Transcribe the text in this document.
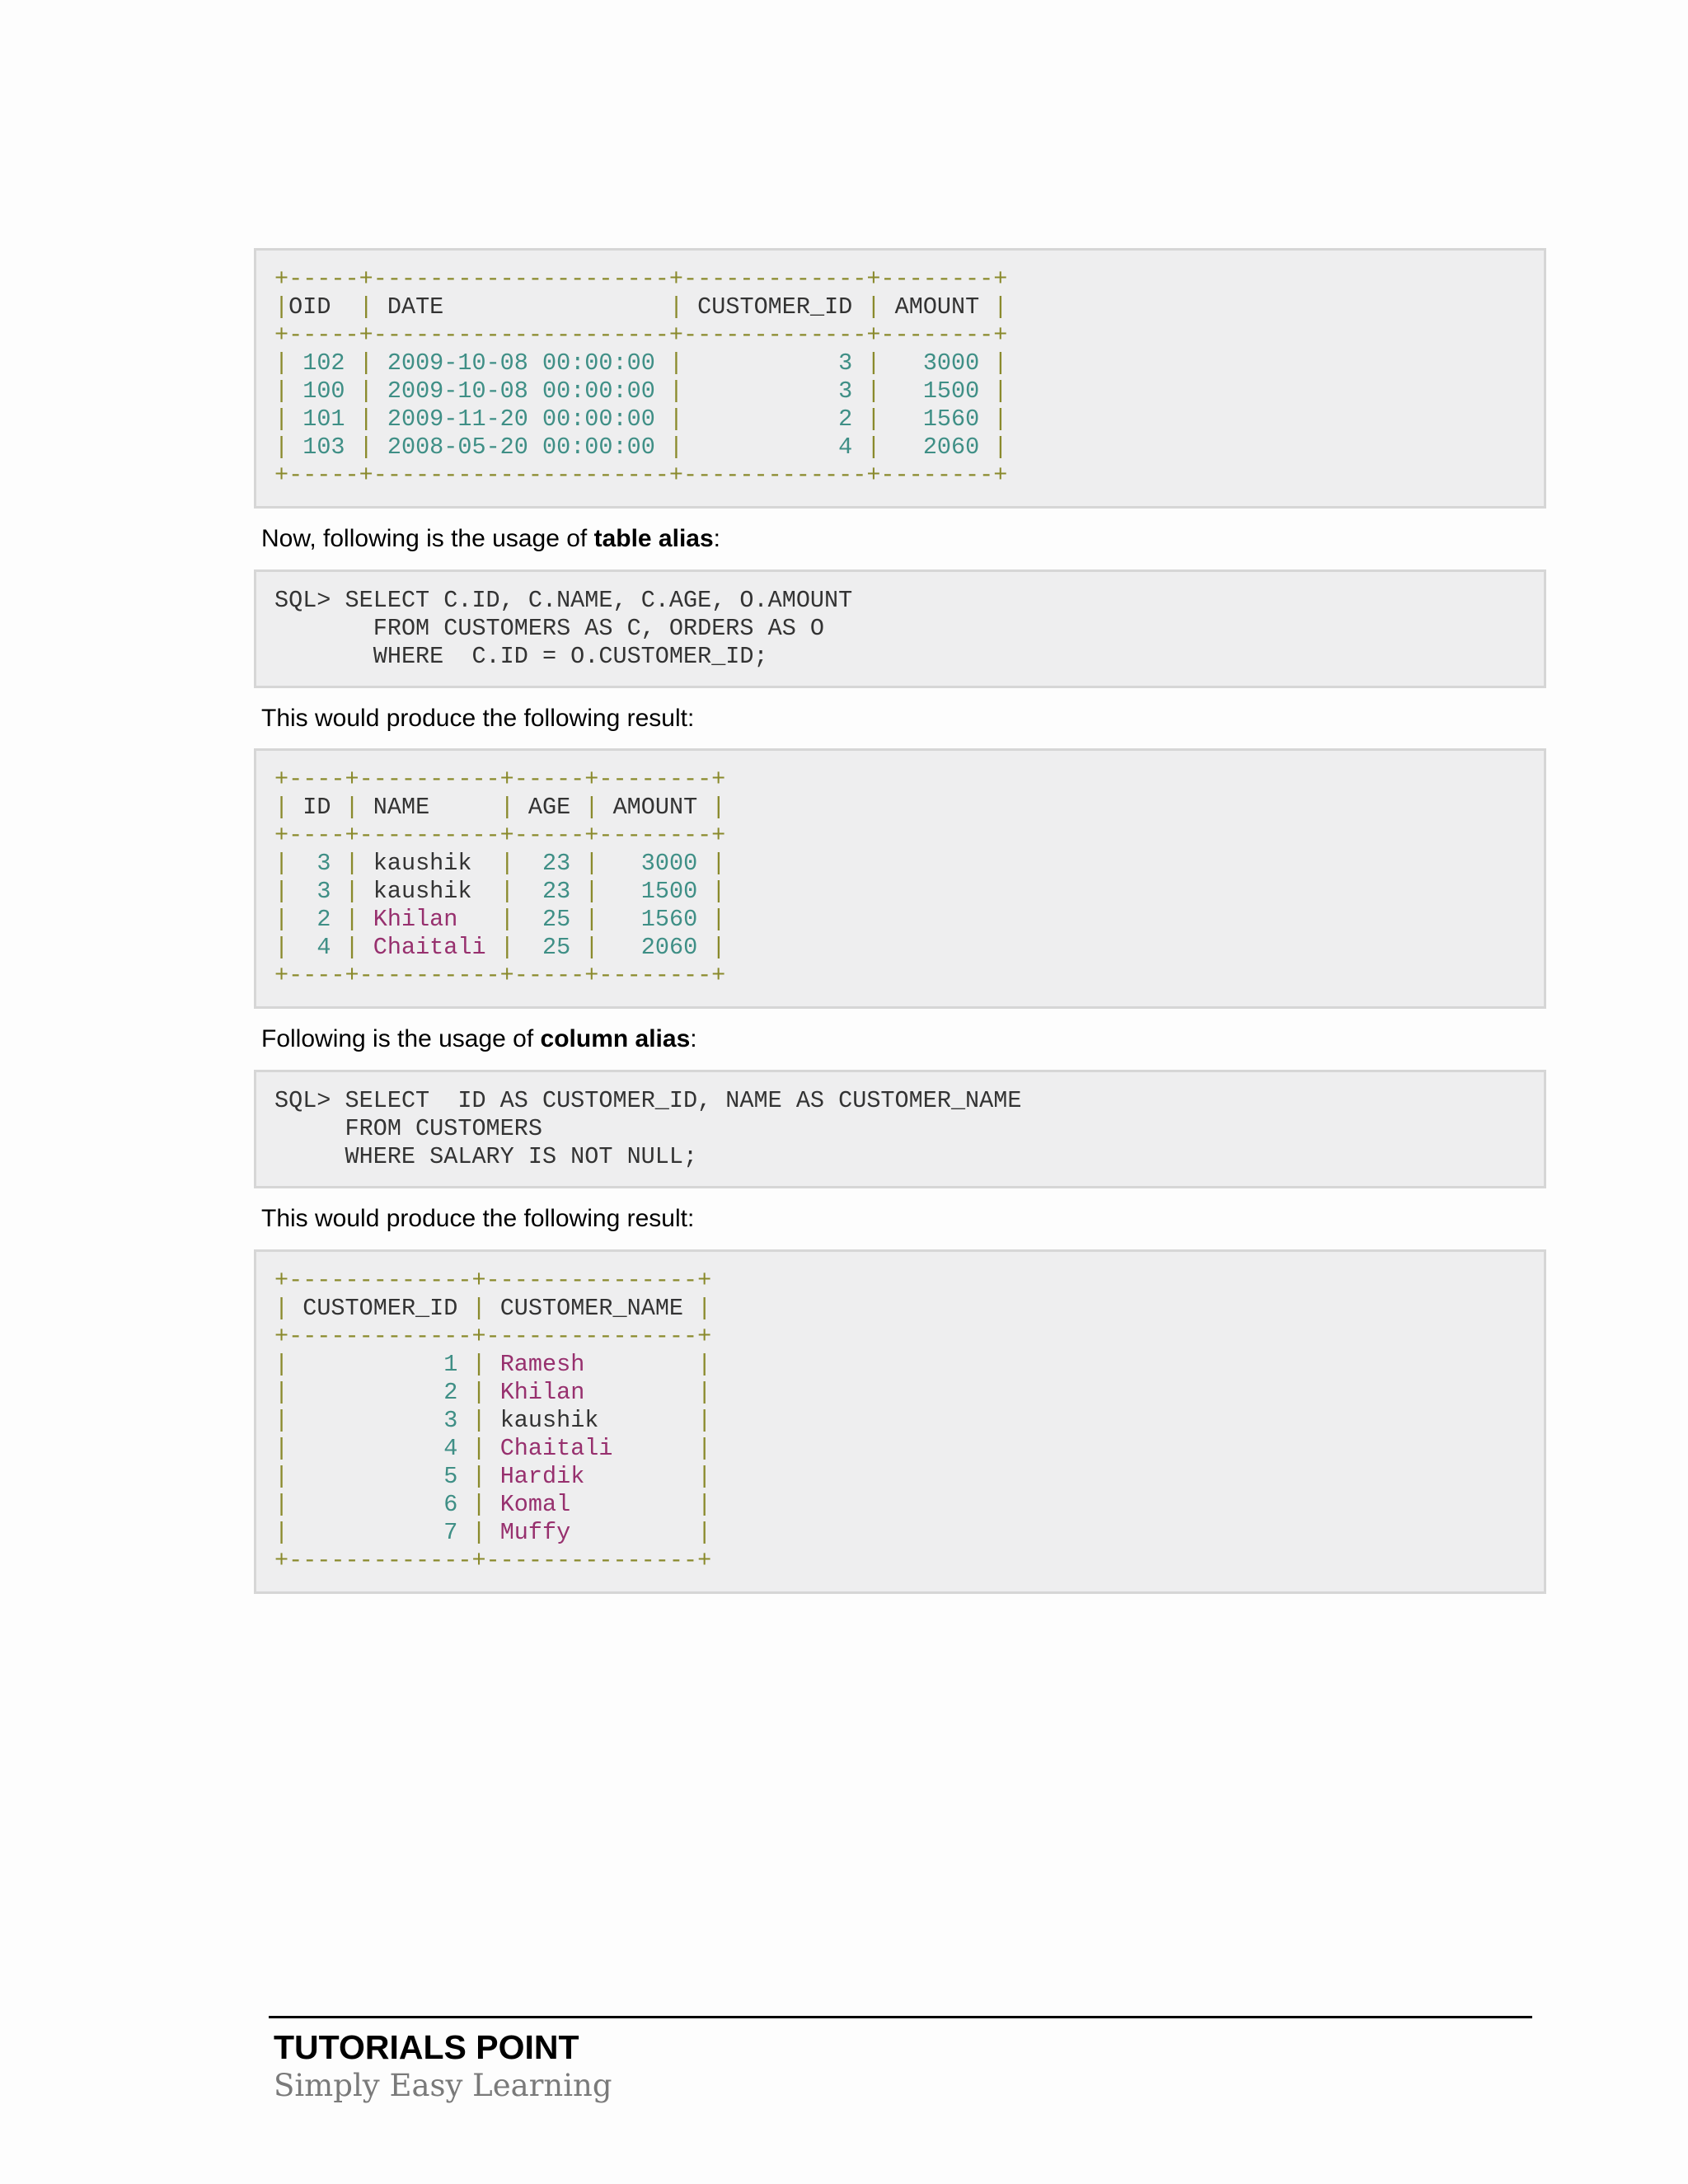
+-----+---------------------+-------------+--------+
|OID | DATE	| CUSTOMER_ID | AMOUNT |
+-----+---------------------+-------------+--------+
| 102 | 2009-10-08 00:00:00 |	3 | 3000 |
| 100 | 2009-10-08 00:00:00 |	3 | 1500 |
| 101 | 2009-11-20 00:00:00 |	2 | 1560 |
| 103 | 2008-05-20 00:00:00 |	4 | 2060 |
+-----+---------------------+-------------+--------+
Now, following is the usage of table alias:
SQL> SELECT C.ID, C.NAME, C.AGE, O.AMOUNT
FROM CUSTOMERS AS C, ORDERS AS O
WHERE  C.ID = O.CUSTOMER_ID;
This would produce the following result:
+----+----------+-----+--------+
| ID | NAME	| AGE | AMOUNT |
+----+----------+-----+--------+
| 3 | kaushik | 23 | 3000 |
| 3 | kaushik | 23 | 1500 |
| 2 | Khilan | 25 | 1560 |
| 4 | Chaitali | 25 | 2060 |
+----+----------+-----+--------+
Following is the usage of column alias:
SQL> SELECT  ID AS CUSTOMER_ID, NAME AS CUSTOMER_NAME
FROM CUSTOMERS
WHERE SALARY IS NOT NULL;
This would produce the following result:
+-------------+---------------+
| CUSTOMER_ID | CUSTOMER_NAME |
+-------------+---------------+
|	1 | Ramesh	|
|	2 | Khilan	|
|	3 | kaushik	|
|	4 | Chaitali	|
|	5 | Hardik	|
|	6 | Komal	|
|	7 | Muffy	|
+-------------+---------------+
TUTORIALS POINT
Simply Easy Learning
